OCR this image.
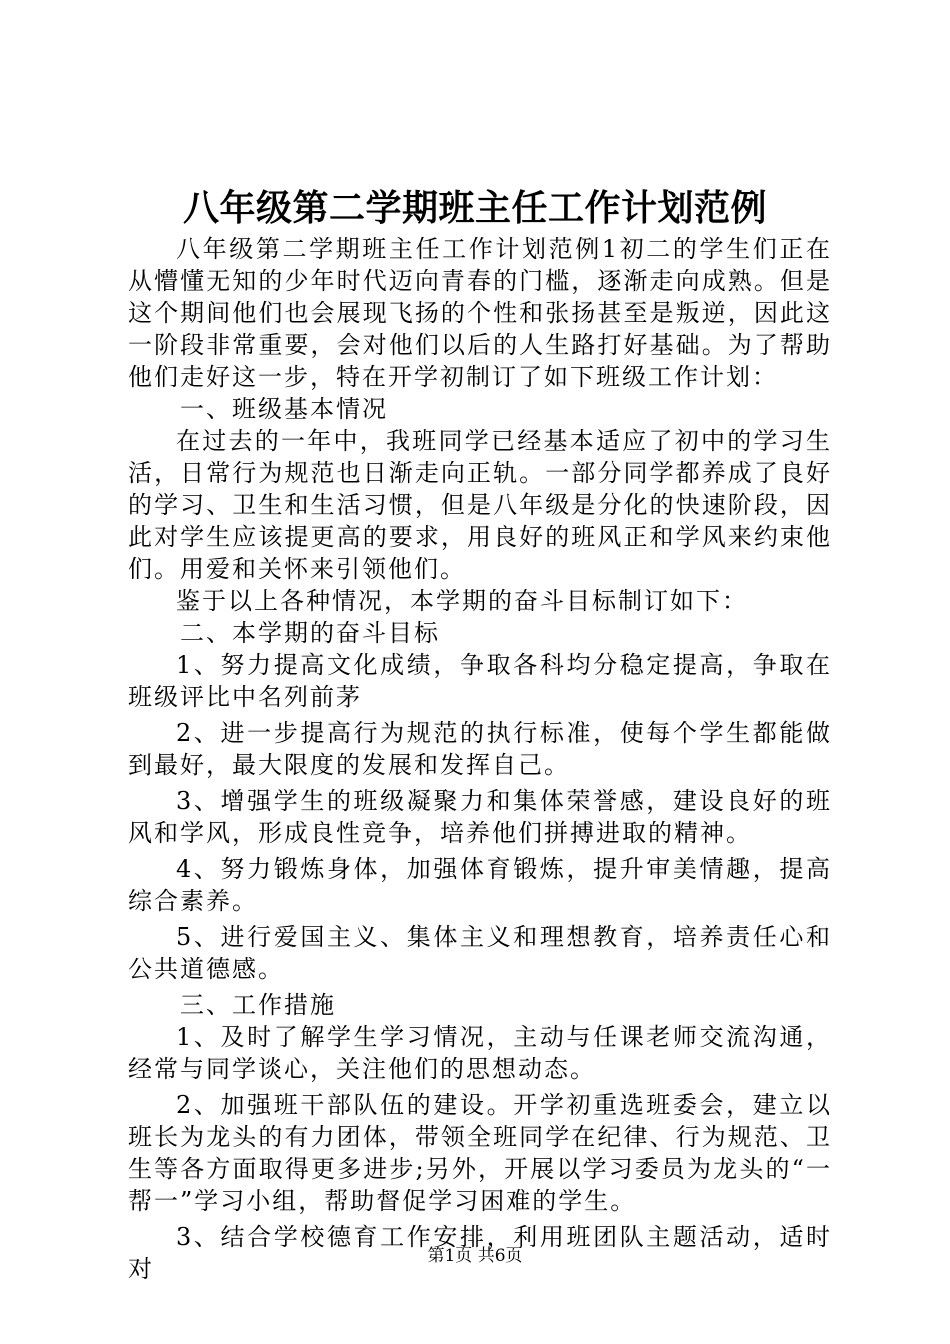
八年级第二学期班主任工作计划范例

八年级第二学期班主任工作计划范例1初二的学生们正在从懵懂无知的少年时代迈向青春的门槛，逐渐走向成熟。但是这个期间他们也会展现飞扬的个性和张扬甚至是叛逆，因此这一阶段非常重要，会对他们以后的人生路打好基础。为了帮助他们走好这一步，特在开学初制订了如下班级工作计划：

一、班级基本情况

在过去的一年中，我班同学已经基本适应了初中的学习生活，日常行为规范也日渐走向正轨。一部分同学都养成了良好的学习、卫生和生活习惯，但是八年级是分化的快速阶段，因此对学生应该提更高的要求，用良好的班风正和学风来约束他们。用爱和关怀来引领他们。

鉴于以上各种情况，本学期的奋斗目标制订如下：

二、本学期的奋斗目标

1、努力提高文化成绩，争取各科均分稳定提高，争取在班级评比中名列前茅

2、进一步提高行为规范的执行标准，使每个学生都能做到最好，最大限度的发展和发挥自己。

3、增强学生的班级凝聚力和集体荣誉感，建设良好的班风和学风，形成良性竞争，培养他们拼搏进取的精神。

4、努力锻炼身体，加强体育锻炼，提升审美情趣，提高综合素养。

5、进行爱国主义、集体主义和理想教育，培养责任心和公共道德感。

三、工作措施

1、及时了解学生学习情况，主动与任课老师交流沟通，经常与同学谈心，关注他们的思想动态。

2、加强班干部队伍的建设。开学初重选班委会，建立以班长为龙头的有力团体，带领全班同学在纪律、行为规范、卫生等各方面取得更多进步;另外，开展以学习委员为龙头的“一帮一”学习小组，帮助督促学习困难的学生。

3、结合学校德育工作安排，利用班团队主题活动，适时对	第1页 共6页
